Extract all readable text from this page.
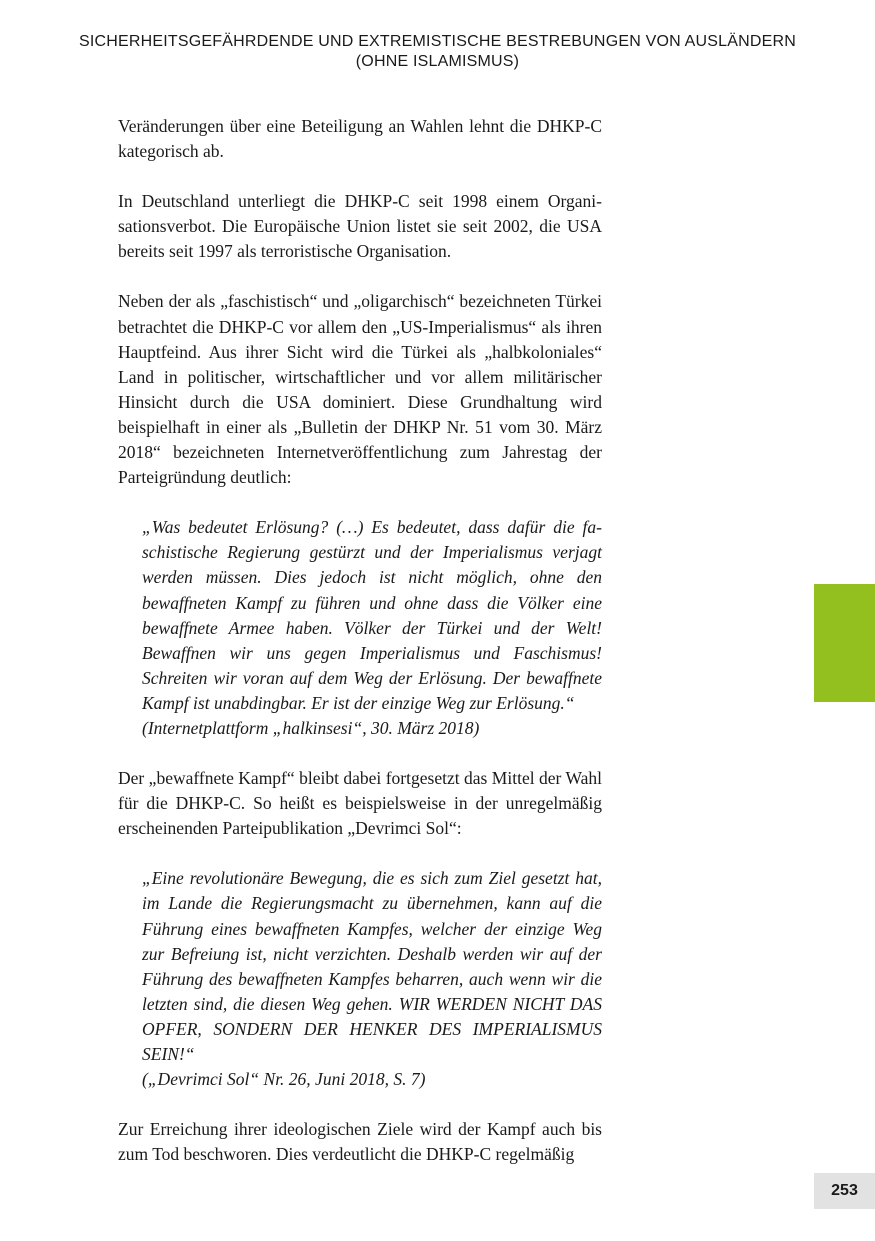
SICHERHEITSGEFÄHRDENDE UND EXTREMISTISCHE BESTREBUNGEN VON AUSLÄNDERN
(OHNE ISLAMISMUS)

Veränderungen über eine Beteiligung an Wahlen lehnt die DHKP-C kategorisch ab.

In Deutschland unterliegt die DHKP-C seit 1998 einem Organisationsverbot. Die Europäische Union listet sie seit 2002, die USA bereits seit 1997 als terroristische Organisation.

Neben der als „faschistisch“ und „oligarchisch“ bezeichneten Türkei betrachtet die DHKP-C vor allem den „US-Imperialismus“ als ihren Hauptfeind. Aus ihrer Sicht wird die Türkei als „halbkoloniales“ Land in politischer, wirtschaftlicher und vor allem militärischer Hinsicht durch die USA dominiert. Diese Grundhaltung wird beispielhaft in einer als „Bulletin der DHKP Nr. 51 vom 30. März 2018“ bezeichneten Internetveröffentlichung zum Jahrestag der Parteigründung deutlich:

„Was bedeutet Erlösung? (…) Es bedeutet, dass dafür die faschistische Regierung gestürzt und der Imperialismus verjagt werden müssen. Dies jedoch ist nicht möglich, ohne den bewaffneten Kampf zu führen und ohne dass die Völker eine bewaffnete Armee haben. Völker der Türkei und der Welt! Bewaffnen wir uns gegen Imperialismus und Faschismus! Schreiten wir voran auf dem Weg der Erlösung. Der bewaffnete Kampf ist unabdingbar. Er ist der einzige Weg zur Erlösung.“
(Internetplattform „halkinsesi“, 30. März 2018)

Der „bewaffnete Kampf“ bleibt dabei fortgesetzt das Mittel der Wahl für die DHKP-C. So heißt es beispielsweise in der unregelmäßig erscheinenden Parteipublikation „Devrimci Sol“:

„Eine revolutionäre Bewegung, die es sich zum Ziel gesetzt hat, im Lande die Regierungsmacht zu übernehmen, kann auf die Führung eines bewaffneten Kampfes, welcher der einzige Weg zur Befreiung ist, nicht verzichten. Deshalb werden wir auf der Führung des bewaffneten Kampfes beharren, auch wenn wir die letzten sind, die diesen Weg gehen. WIR WERDEN NICHT DAS OPFER, SONDERN DER HENKER DES IMPERIALISMUS SEIN!“
(„Devrimci Sol“ Nr. 26, Juni 2018, S. 7)

Zur Erreichung ihrer ideologischen Ziele wird der Kampf auch bis zum Tod beschworen. Dies verdeutlicht die DHKP-C regelmäßig

253
